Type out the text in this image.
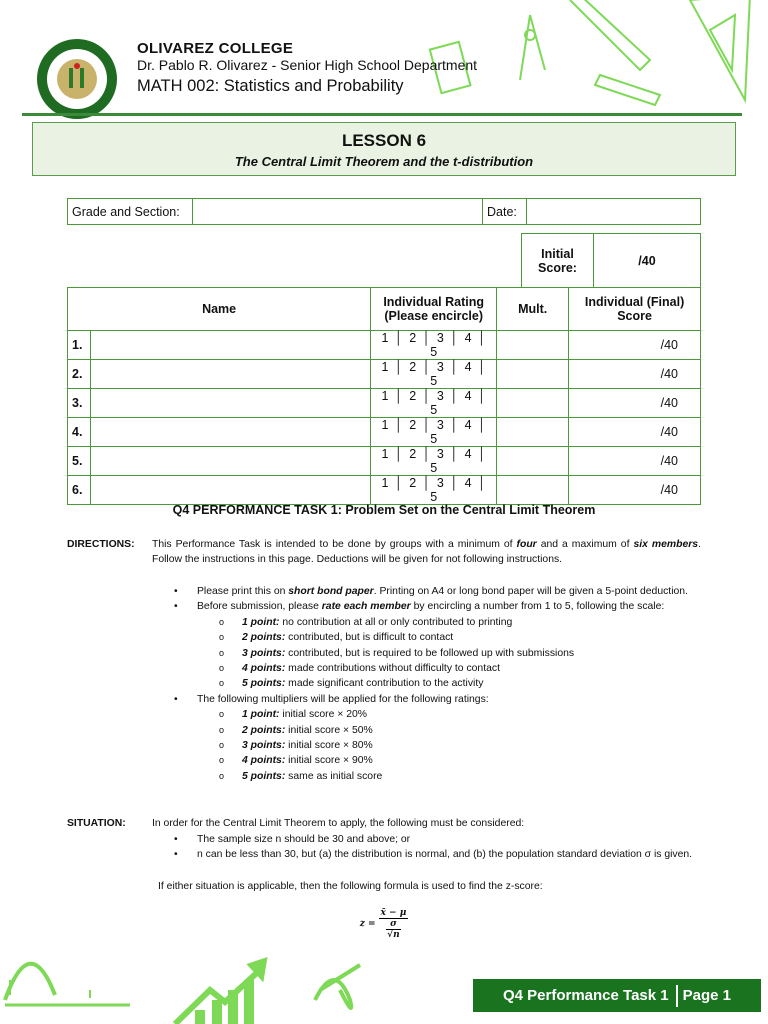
OLIVAREZ COLLEGE
Dr. Pablo R. Olivarez - Senior High School Department
MATH 002: Statistics and Probability
LESSON 6
The Central Limit Theorem and the t-distribution
Grade and Section:		Date:	
Initial Score:	/40
Name		Individual Rating (Please encircle)	Mult.	Individual (Final) Score
1.		1 │ 2 │ 3 │ 4 │ 5		/40
2.		1 │ 2 │ 3 │ 4 │ 5		/40
3.		1 │ 2 │ 3 │ 4 │ 5		/40
4.		1 │ 2 │ 3 │ 4 │ 5		/40
5.		1 │ 2 │ 3 │ 4 │ 5		/40
6.		1 │ 2 │ 3 │ 4 │ 5		/40
Q4 PERFORMANCE TASK 1: Problem Set on the Central Limit Theorem
DIRECTIONS: This Performance Task is intended to be done by groups with a minimum of four and a maximum of six members. Follow the instructions in this page. Deductions will be given for not following instructions.
• Please print this on short bond paper. Printing on A4 or long bond paper will be given a 5-point deduction.
• Before submission, please rate each member by encircling a number from 1 to 5, following the scale:
o 1 point: no contribution at all or only contributed to printing
o 2 points: contributed, but is difficult to contact
o 3 points: contributed, but is required to be followed up with submissions
o 4 points: made contributions without difficulty to contact
o 5 points: made significant contribution to the activity
• The following multipliers will be applied for the following ratings:
o 1 point: initial score × 20%
o 2 points: initial score × 50%
o 3 points: initial score × 80%
o 4 points: initial score × 90%
o 5 points: same as initial score
SITUATION:	In order for the Central Limit Theorem to apply, the following must be considered:
• The sample size n should be 30 and above; or
• n can be less than 30, but (a) the distribution is normal, and (b) the population standard deviation σ is given.
If either situation is applicable, then the following formula is used to find the z-score:
z =
x̄ − μ
σ
√n
Q4 Performance Task 1 Page 1
